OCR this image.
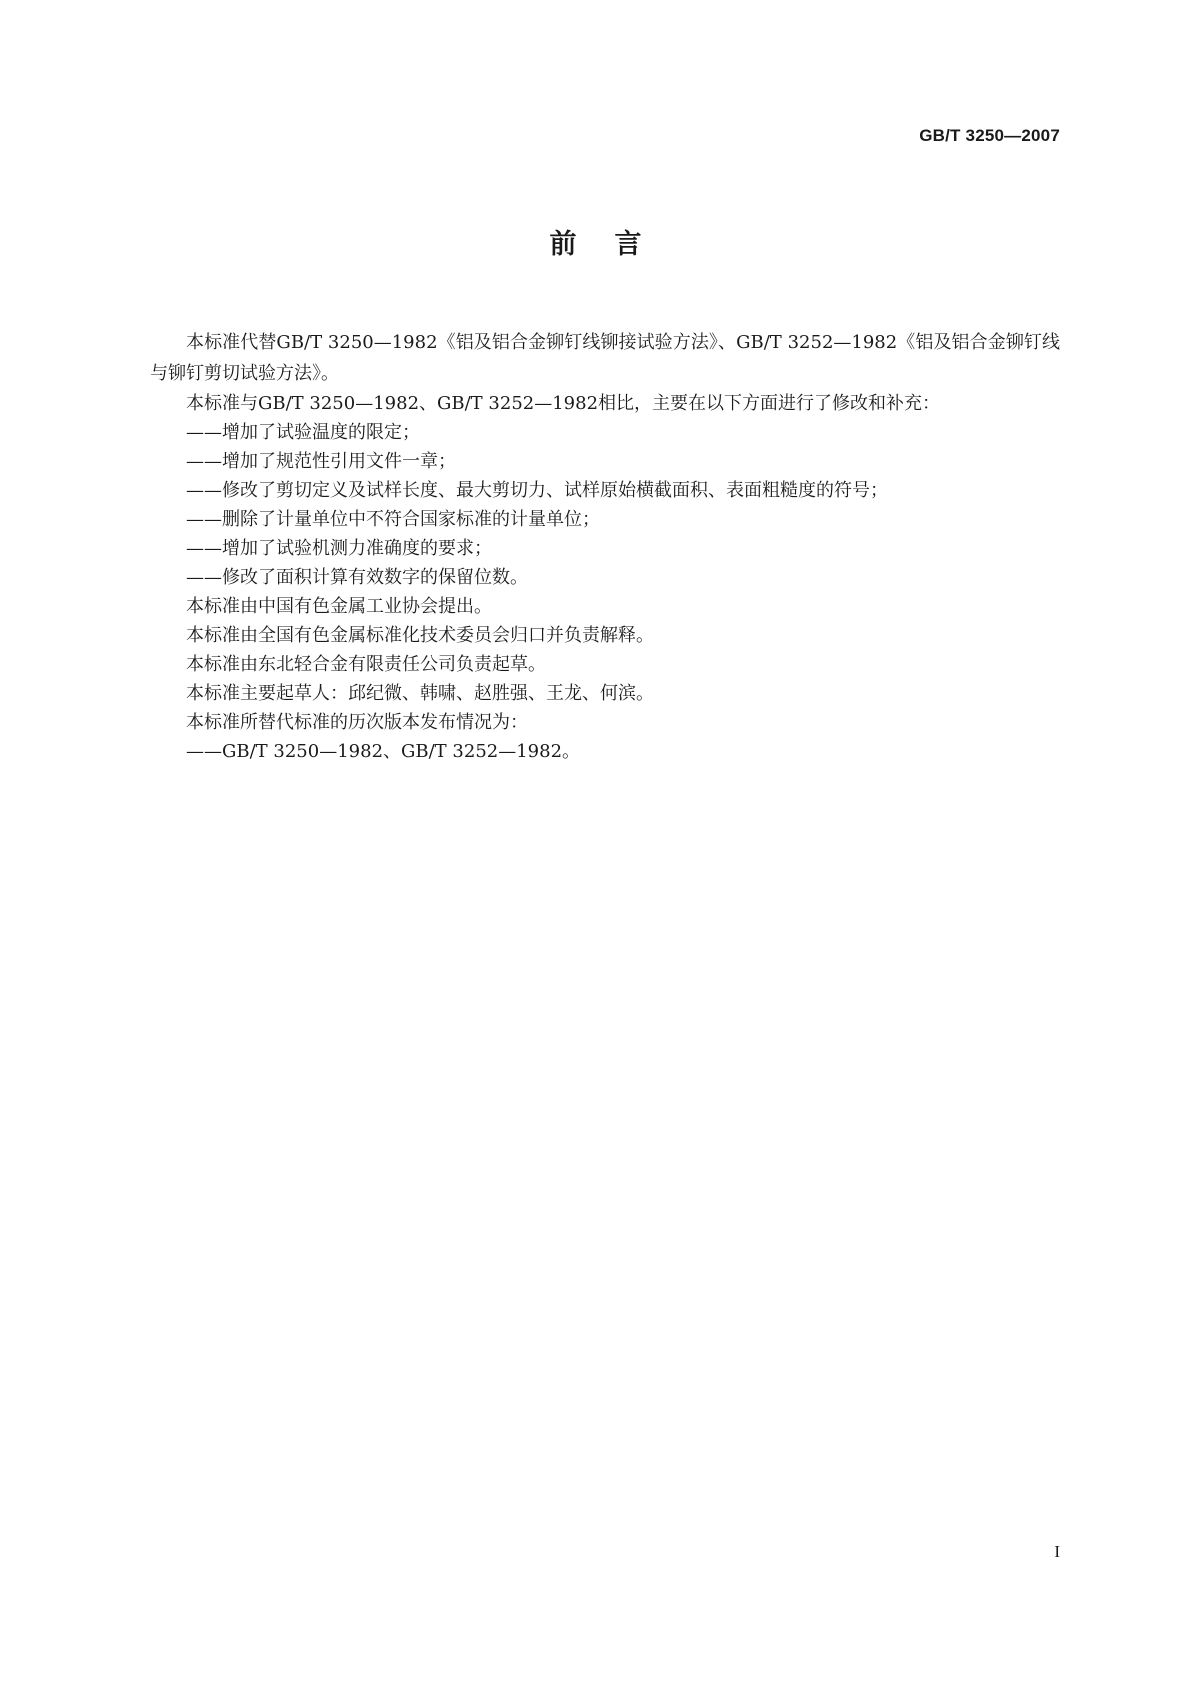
GB/T 3250—2007
前言

本标准代替GB/T 3250—1982《铝及铝合金铆钉线铆接试验方法》、GB/T 3252—1982《铝及铝合金铆钉线与铆钉剪切试验方法》。

本标准与GB/T 3250—1982、GB/T 3252—1982相比，主要在以下方面进行了修改和补充：

——增加了试验温度的限定；

——增加了规范性引用文件一章；

——修改了剪切定义及试样长度、最大剪切力、试样原始横截面积、表面粗糙度的符号；

——删除了计量单位中不符合国家标准的计量单位；

——增加了试验机测力准确度的要求；

——修改了面积计算有效数字的保留位数。

本标准由中国有色金属工业协会提出。

本标准由全国有色金属标准化技术委员会归口并负责解释。

本标准由东北轻合金有限责任公司负责起草。

本标准主要起草人：邱纪微、韩啸、赵胜强、王龙、何滨。

本标准所替代标准的历次版本发布情况为：

——GB/T 3250—1982、GB/T 3252—1982。

I
